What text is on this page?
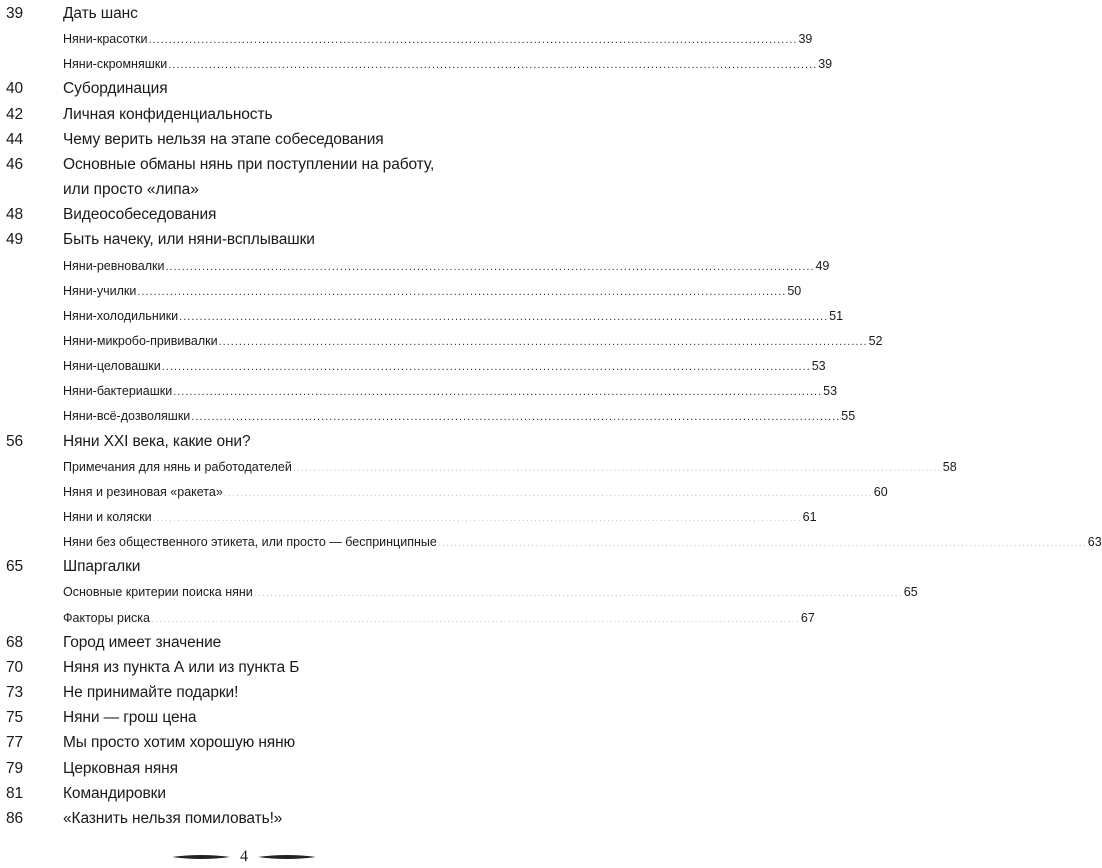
39	Дать шанс
Няни-красотки ................................................................................................................................................................ 39
Няни-скромняшки ................................................................................................................................................................ 39
40	Субординация
42	Личная конфиденциальность
44	Чему верить нельзя на этапе собеседования
46	Основные обманы нянь при поступлении на работу,
или просто «липа»
48	Видеособеседования
49	Быть начеку, или няни-всплывашки
Няни-ревновалки ................................................................................................................................................................ 49
Няни-училки ................................................................................................................................................................ 50
Няни-холодильники ................................................................................................................................................................ 51
Няни-микробо-прививалки ................................................................................................................................................................ 52
Няни-целовашки ................................................................................................................................................................ 53
Няни-бактериашки ................................................................................................................................................................ 53
Няни-всё-дозволяшки ................................................................................................................................................................ 55
56	Няни XXI века, какие они?
Примечания для нянь и работодателей ................................................................................................................................................................ 58
Няня и резиновая «ракета» ................................................................................................................................................................ 60
Няни и коляски ................................................................................................................................................................ 61
Няни без общественного этикета, или просто — беспринципные ................................................................................................................................................................ 63
65	Шпаргалки
Основные критерии поиска няни ................................................................................................................................................................ 65
Факторы риска ................................................................................................................................................................ 67
68	Город имеет значение
70	Няня из пункта А или из пункта Б
73	Не принимайте подарки!
75	Няни — грош цена
77	Мы просто хотим хорошую няню
79	Церковная няня
81	Командировки
86	«Казнить нельзя помиловать!»
4
